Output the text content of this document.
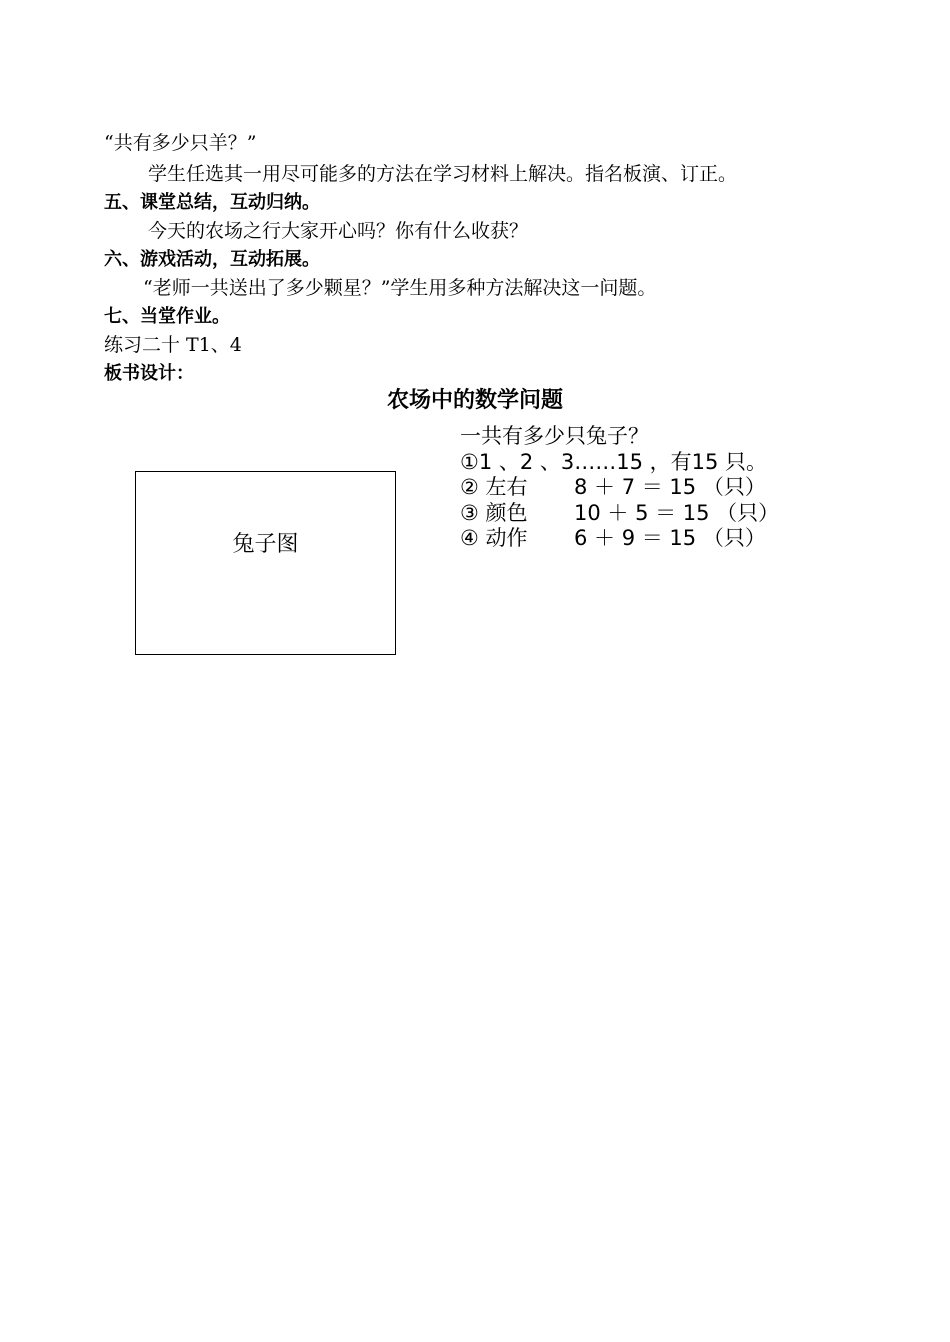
“共有多少只羊？”
学生任选其一用尽可能多的方法在学习材料上解决。指名板演、订正。
五、课堂总结，互动归纳。
今天的农场之行大家开心吗？你有什么收获？
六、游戏活动，互动拓展。
“老师一共送出了多少颗星？”学生用多种方法解决这一问题。
七、当堂作业。
练习二十 T1、4
板书设计：
农场中的数学问题
兔子图
一共有多少只兔子？
①1 、2 、3……15 ，有15 只。
② 左右 8 ＋ 7 ＝ 15 （只）
③ 颜色 10 ＋ 5 ＝ 15 （只）
④ 动作 6 ＋ 9 ＝ 15 （只）
